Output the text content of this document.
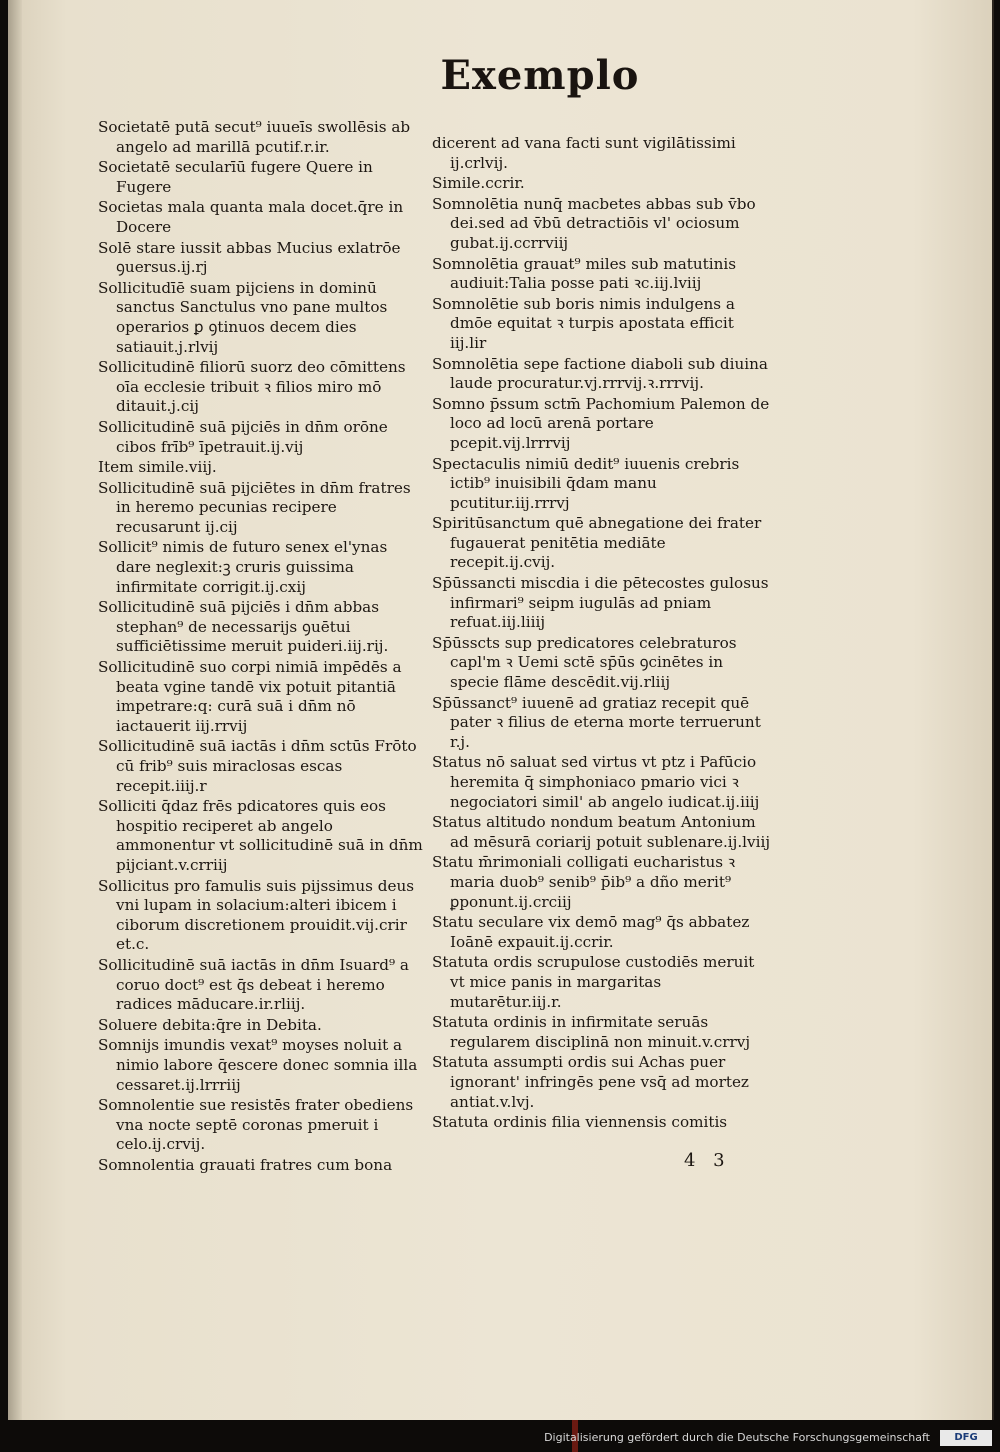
Exemplo
Societatē putā secut⁹ iuueīs swollēsis ab angelo ad marillā pcutif.r.ir.
Societatē secularīū fugere Quere in Fugere
Societas mala quanta mala docet.q̄re in Docere
Solē stare iussit abbas Mucius exlatrōe ꝯuersus.ij.rj
Sollicitudīē suam pijciens in dominū sanctus Sanctulus vno pane multos operarios ꝑ ꝯtinuos decem dies satiauit.j.rlvij
Sollicitudinē filiorū suorz deo cōmittens oīa ecclesie tribuit ꝛ filios miro mō ditauit.j.cij
Sollicitudinē suā pijciēs in dn̄m orōne cibos frīb⁹ īpetrauit.ij.vij
Item simile.viij.
Sollicitudinē suā pijciētes in dn̄m fratres in heremo pecunias recipere recusarunt ij.cij
Sollicit⁹ nimis de futuro senex el'ynas dare neglexit:ꝫ cruris guissima infirmitate corrigit.ij.cxij
Sollicitudinē suā pijciēs i dn̄m abbas stephan⁹ de necessarijs ꝯuētui sufficiētissime meruit puideri.iij.rij.
Sollicitudinē suo corpi nimiā impēdēs a beata vgine tandē vix potuit pitantiā impetrare:q: curā suā i dn̄m nō iactauerit iij.rrvij
Sollicitudinē suā iactās i dn̄m sctūs Frōto cū frib⁹ suis miraclosas escas recepit.iiij.r
Solliciti q̄daz frēs pdicatores quis eos hospitio reciperet ab angelo ammonentur vt sollicitudinē suā in dn̄m pijciant.v.crriij
Sollicitus pro famulis suis pijssimus deus vni lupam in solacium:alteri ibicem i ciborum discretionem prouidit.vij.crir et.c.
Sollicitudinē suā iactās in dn̄m Isuard⁹ a coruo doct⁹ est q̄s debeat i heremo radices māducare.ir.rliij.
Soluere debita:q̄re in Debita.
Somnijs imundis vexat⁹ moyses noluit a nimio labore q̄escere donec somnia illa cessaret.ij.lrrriij
Somnolentie sue resistēs frater obediens vna nocte septē coronas pmeruit i celo.ij.crvij.
Somnolentia grauati fratres cum bona
dicerent ad vana facti sunt vigilātissimi ij.crlvij.
Simile.ccrir.
Somnolētia nunq̄ macbetes abbas sub v̄bo dei.sed ad v̄bū detractiōis vl' ociosum gubat.ij.ccrrviij
Somnolētia grauat⁹ miles sub matutinis audiuit:Talia posse pati ꝛc.iij.lviij
Somnolētie sub boris nimis indulgens a dmōe equitat ꝛ turpis apostata efficit iij.lir
Somnolētia sepe factione diaboli sub diuina laude procuratur.vj.rrrvij.ꝛ.rrrvij.
Somno p̄ssum sctm̄ Pachomium Palemon de loco ad locū arenā portare pcepit.vij.lrrrvij
Spectaculis nimiū dedit⁹ iuuenis crebris ictib⁹ inuisibili q̄dam manu pcutitur.iij.rrrvj
Spiritūsanctum quē abnegatione dei frater fugauerat penitētia mediāte recepit.ij.cvij.
Sp̄ūssancti miscdia i die pētecostes gulosus infirmari⁹ seipm iugulās ad pniam refuat.iij.liiij
Sp̄ūsscts sup predicatores celebraturos capl'm ꝛ Uemi sctē sp̄ūs ꝯcinētes in specie flāme descēdit.vij.rliij
Sp̄ūssanct⁹ iuuenē ad gratiaz recepit quē pater ꝛ filius de eterna morte terruerunt r.j.
Status nō saluat sed virtus vt ptz i Pafūcio heremita q̄ simphoniaco pmario vici ꝛ negociatori simil' ab angelo iudicat.ij.iiij
Status altitudo nondum beatum Antonium ad mēsurā coriarij potuit sublenare.ij.lviij
Statu m̄rimoniali colligati eucharistus ꝛ maria duob⁹ senib⁹ p̄ib⁹ a dño merit⁹ ꝑponunt.ij.crciij
Statu seculare vix demō mag⁹ q̄s abbatez Ioānē expauit.ij.ccrir.
Statuta ordis scrupulose custodiēs meruit vt mice panis in margaritas mutarētur.iij.r.
Statuta ordinis in infirmitate seruās regularem disciplinā non minuit.v.crrvj
Statuta assumpti ordis sui Achas puer ignorant' infringēs pene vsq̄ ad mortez antiat.v.lvj.
Statuta ordinis filia viennensis comitis
4 3
Digitalisierung gefördert durch die Deutsche Forschungsgemeinschaft	DFG
